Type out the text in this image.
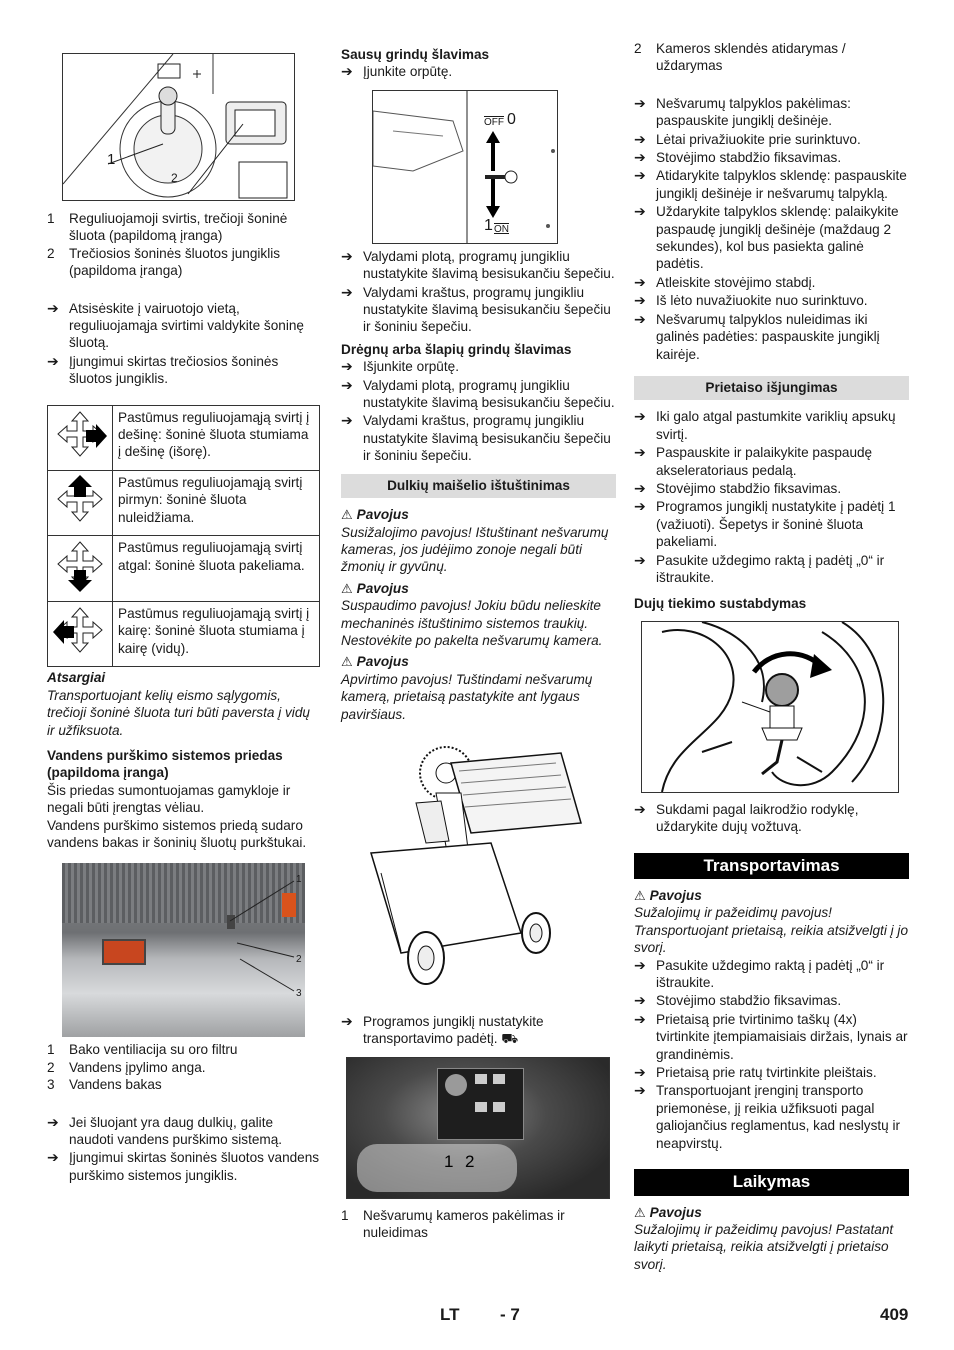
1
2
1	Reguliuojamoji svirtis, trečioji šoninė šluota (papildomą įranga)
2	Trečiosios šoninės šluotos jungiklis (papildoma įranga)
➔ Atsisėskite į vairuotojo vietą, reguliuojamąja svirtimi valdykite šoninę šluotą.
➔ Įjungimui skirtas trečiosios šoninės šluotos jungiklis.
	Pastūmus reguliuojamąją svirtį į dešinę: šoninė šluota stumiama į dešinę (išorę).
	Pastūmus reguliuojamąją svirtį pirmyn: šoninė šluota nuleidžiama.
	Pastūmus reguliuojamąją svirtį atgal: šoninė šluota pakeliama.
	Pastūmus reguliuojamąją svirtį į kairę: šoninė šluota stumiama į kairę (vidų).

Atsargiai

Transportuojant kelių eismo sąlygomis, trečioji šoninė šluota turi būti paversta į vidų ir užfiksuota.

Vandens purškimo sistemos priedas (papildoma įranga)

Šis priedas sumontuojamas gamykloje ir negali būti įrengtas vėliau.

Vandens purškimo sistemos priedą sudaro vandens bakas ir šoninių šluotų purkštukai.

1
2
3
1	Bako ventiliacija su oro filtru
2	Vandens įpylimo anga.
3	Vandens bakas
➔ Jei šluojant yra daug dulkių, galite naudoti vandens purškimo sistemą.
➔ Įjungimui skirtas šoninės šluotos vandens purškimo sistemos jungiklis.

Sausų grindų šlavimas

➔ Įjunkite orpūtę.
$\overline{OFF}$ 0
1 ON
➔ Valydami plotą, programų jungikliu nustatykite šlavimą besisukančiu šepečiu.
➔ Valydami kraštus, programų jungikliu nustatykite šlavimą besisukančiu šepečiu ir šoniniu šepečiu.

Drėgnų arba šlapių grindų šlavimas

➔ Išjunkite orpūtę.
➔ Valydami plotą, programų jungikliu nustatykite šlavimą besisukančiu šepečiu.
➔ Valydami kraštus, programų jungikliu nustatykite šlavimą besisukančiu šepečiu ir šoniniu šepečiu.
Dulkių maišelio ištuštinimas
⚠ Pavojus

Susižalojimo pavojus! Ištuštinant nešvarumų kameras, jos judėjimo zonoje negali būti žmonių ir gyvūnų.

⚠ Pavojus

Suspaudimo pavojus! Jokiu būdu nelieskite mechaninės ištuštinimo sistemos traukių. Nestovėkite po pakelta nešvarumų kamera.

⚠ Pavojus

Apvirtimo pavojus! Tuštindami nešvarumų kamerą, prietaisą pastatykite ant lygaus paviršiaus.

➔ Programos jungiklį nustatykite transportavimo padėtį. ⛟
1 2
1	Nešvarumų kameros pakėlimas ir nuleidimas
2	Kameros sklendės atidarymas / uždarymas
➔ Nešvarumų talpyklos pakėlimas: paspauskite jungiklį dešinėje.
➔ Lėtai privažiuokite prie surinktuvo.
➔ Stovėjimo stabdžio fiksavimas.
➔ Atidarykite talpyklos sklendę: paspauskite jungiklį dešinėje ir nešvarumų talpyklą.
➔ Uždarykite talpyklos sklendę: palaikykite paspaudę jungiklį dešinėje (maždaug 2 sekundes), kol bus pasiekta galinė padėtis.
➔ Atleiskite stovėjimo stabdį.
➔ Iš lėto nuvažiuokite nuo surinktuvo.
➔ Nešvarumų talpyklos nuleidimas iki galinės padėties: paspauskite jungiklį kairėje.
Prietaiso išjungimas
➔ Iki galo atgal pastumkite variklių apsukų svirtį.
➔ Paspauskite ir palaikykite paspaudę akseleratoriaus pedalą.
➔ Stovėjimo stabdžio fiksavimas.
➔ Programos jungiklį nustatykite į padėtį 1 (važiuoti). Šepetys ir šoninė šluota pakeliami.
➔ Pasukite uždegimo raktą į padėtį „0“ ir ištraukite.

Dujų tiekimo sustabdymas

➔ Sukdami pagal laikrodžio rodyklę, uždarykite dujų vožtuvą.
Transportavimas
⚠ Pavojus

Sužalojimų ir pažeidimų pavojus! Transportuojant prietaisą, reikia atsižvelgti į jo svorį.

➔ Pasukite uždegimo raktą į padėtį „0“ ir ištraukite.
➔ Stovėjimo stabdžio fiksavimas.
➔ Prietaisą prie tvirtinimo taškų (4x) tvirtinkite įtempiamaisiais diržais, lynais ar grandinėmis.
➔ Prietaisą prie ratų tvirtinkite pleištais.
➔ Transportuojant įrenginį transporto priemonėse, jį reikia užfiksuoti pagal galiojančius reglamentus, kad neslystų ir neapvirstų.
Laikymas
⚠ Pavojus

Sužalojimų ir pažeidimų pavojus! Pastatant laikyti prietaisą, reikia atsižvelgti į prietaiso svorį.

LT - 7	409
